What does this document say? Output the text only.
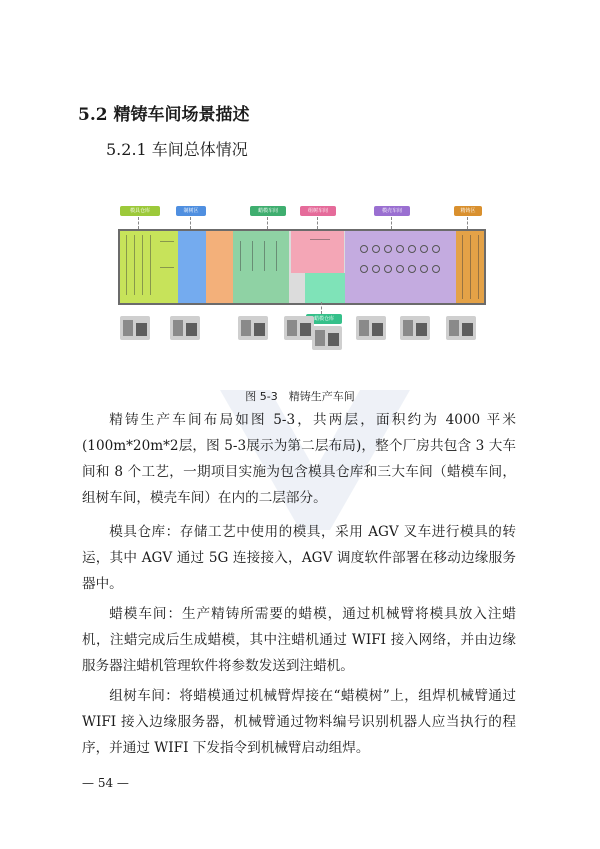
5.2 精铸车间场景描述
5.2.1 车间总体情况
模具仓库	制树区	蜡模车间	组树车间	模壳车间	精铸区
蜡模仓库
图 5-3　精铸生产车间

精铸生产车间布局如图 5-3，共两层，面积约为 4000 平米(100m*20m*2层，图 5-3展示为第二层布局)，整个厂房共包含 3 大车间和 8 个工艺，一期项目实施为包含模具仓库和三大车间（蜡模车间，组树车间，模壳车间）在内的二层部分。

模具仓库：存储工艺中使用的模具，采用 AGV 叉车进行模具的转运，其中 AGV 通过 5G 连接接入，AGV 调度软件部署在移动边缘服务器中。

蜡模车间：生产精铸所需要的蜡模，通过机械臂将模具放入注蜡机，注蜡完成后生成蜡模，其中注蜡机通过 WIFI 接入网络，并由边缘服务器注蜡机管理软件将参数发送到注蜡机。

组树车间：将蜡模通过机械臂焊接在“蜡模树”上，组焊机械臂通过 WIFI 接入边缘服务器，机械臂通过物料编号识别机器人应当执行的程序，并通过 WIFI 下发指令到机械臂启动组焊。

— 54 —
